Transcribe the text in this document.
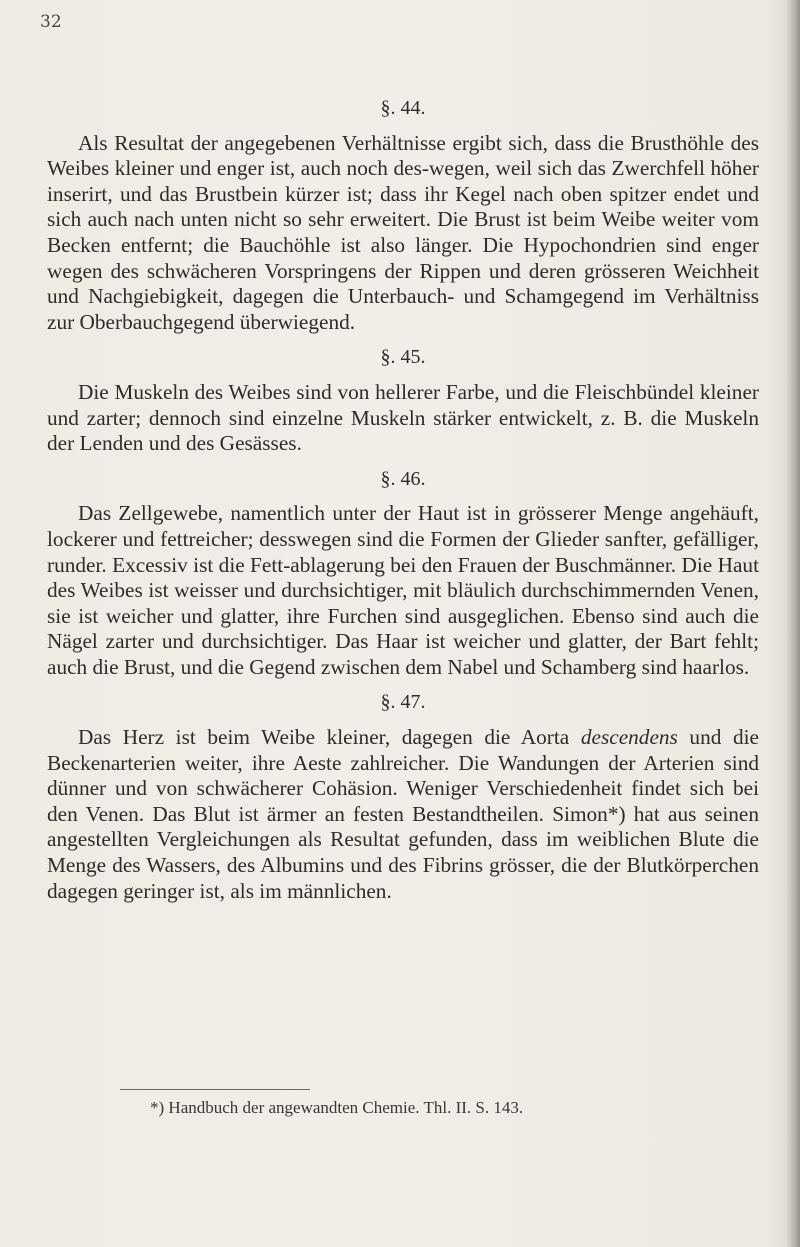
32
§. 44.

Als Resultat der angegebenen Verhältnisse ergibt sich, dass die Brusthöhle des Weibes kleiner und enger ist, auch noch des-wegen, weil sich das Zwerchfell höher inserirt, und das Brustbein kürzer ist; dass ihr Kegel nach oben spitzer endet und sich auch nach unten nicht so sehr erweitert. Die Brust ist beim Weibe weiter vom Becken entfernt; die Bauchöhle ist also länger. Die Hypochondrien sind enger wegen des schwächeren Vorspringens der Rippen und deren grösseren Weichheit und Nachgiebigkeit, dagegen die Unterbauch- und Schamgegend im Verhältniss zur Oberbauchgegend überwiegend.

§. 45.

Die Muskeln des Weibes sind von hellerer Farbe, und die Fleischbündel kleiner und zarter; dennoch sind einzelne Muskeln stärker entwickelt, z. B. die Muskeln der Lenden und des Gesässes.

§. 46.

Das Zellgewebe, namentlich unter der Haut ist in grösserer Menge angehäuft, lockerer und fettreicher; desswegen sind die Formen der Glieder sanfter, gefälliger, runder. Excessiv ist die Fett-ablagerung bei den Frauen der Buschmänner. Die Haut des Weibes ist weisser und durchsichtiger, mit bläulich durchschimmernden Venen, sie ist weicher und glatter, ihre Furchen sind ausgeglichen. Ebenso sind auch die Nägel zarter und durchsichtiger. Das Haar ist weicher und glatter, der Bart fehlt; auch die Brust, und die Gegend zwischen dem Nabel und Schamberg sind haarlos.

§. 47.

Das Herz ist beim Weibe kleiner, dagegen die Aorta descendens und die Beckenarterien weiter, ihre Aeste zahlreicher. Die Wandungen der Arterien sind dünner und von schwächerer Cohäsion. Weniger Verschiedenheit findet sich bei den Venen. Das Blut ist ärmer an festen Bestandtheilen. Simon*) hat aus seinen angestellten Vergleichungen als Resultat gefunden, dass im weiblichen Blute die Menge des Wassers, des Albumins und des Fibrins grösser, die der Blutkörperchen dagegen geringer ist, als im männlichen.

*) Handbuch der angewandten Chemie. Thl. II. S. 143.
